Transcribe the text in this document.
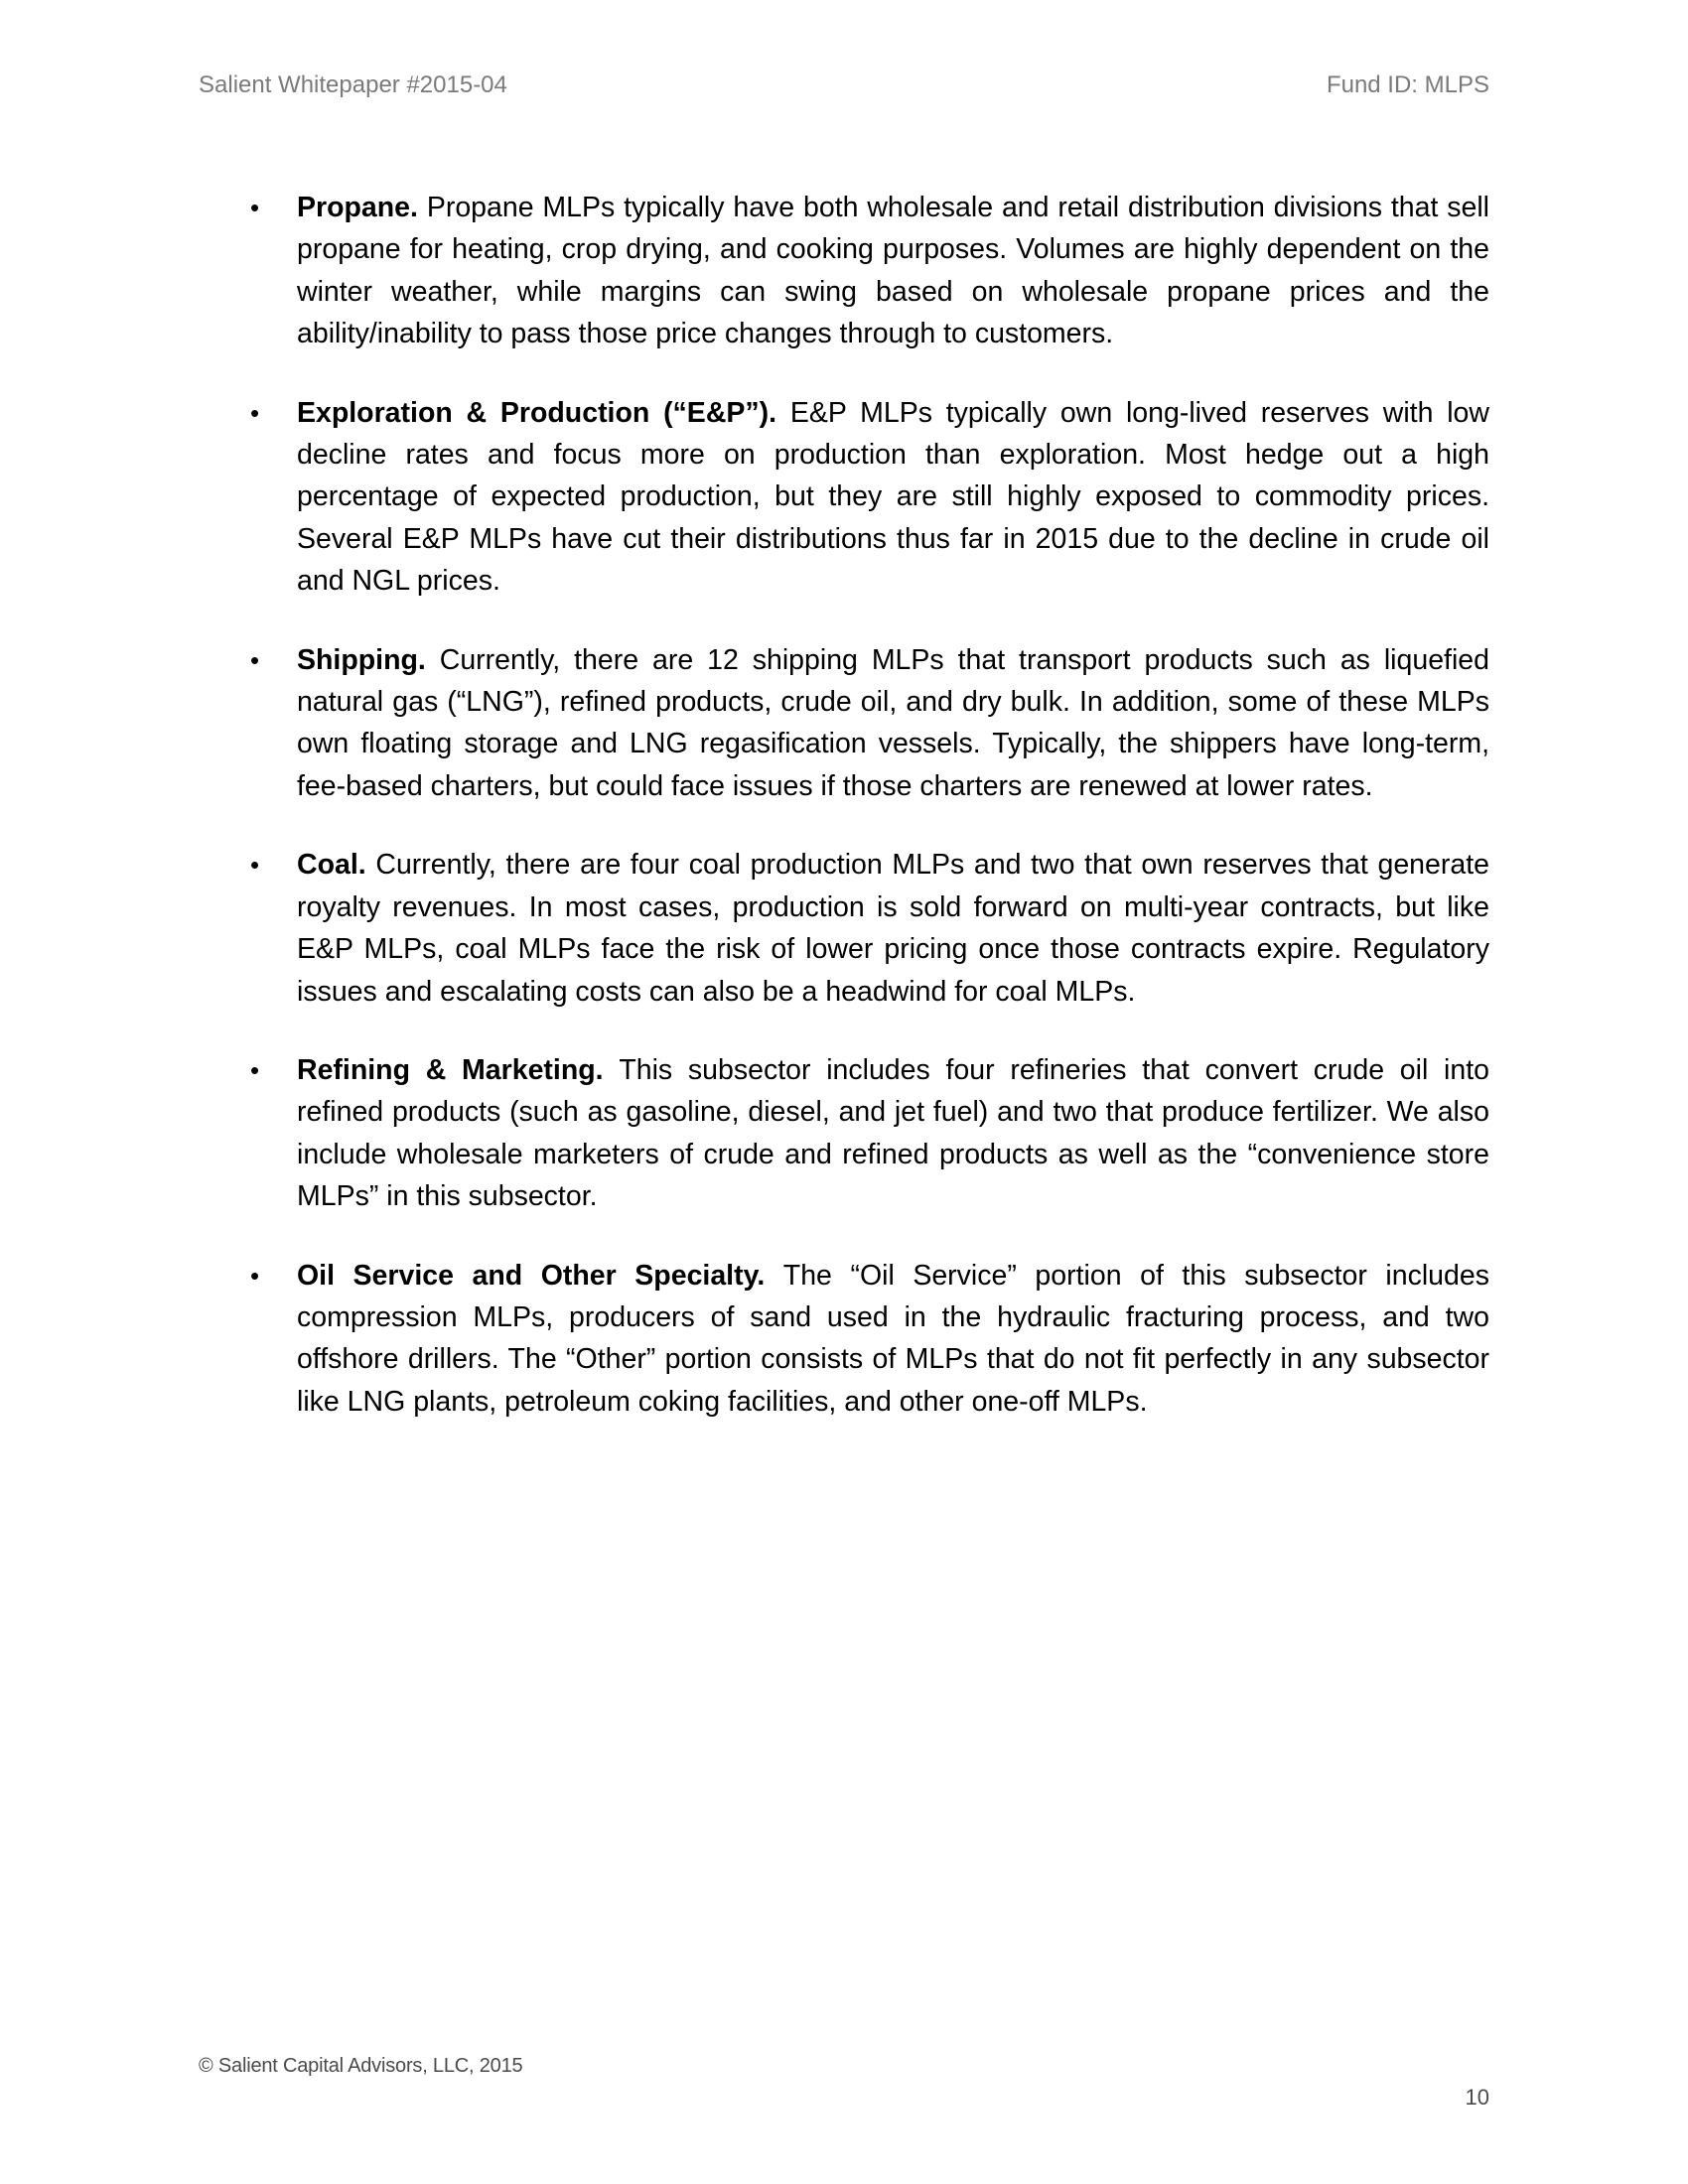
Salient Whitepaper #2015-04	Fund ID: MLPS
•	Propane. Propane MLPs typically have both wholesale and retail distribution divisions that sell propane for heating, crop drying, and cooking purposes. Volumes are highly dependent on the winter weather, while margins can swing based on wholesale propane prices and the ability/inability to pass those price changes through to customers.
•	Exploration & Production (“E&P”). E&P MLPs typically own long-lived reserves with low decline rates and focus more on production than exploration. Most hedge out a high percentage of expected production, but they are still highly exposed to commodity prices. Several E&P MLPs have cut their distributions thus far in 2015 due to the decline in crude oil and NGL prices.
•	Shipping. Currently, there are 12 shipping MLPs that transport products such as liquefied natural gas (“LNG”), refined products, crude oil, and dry bulk. In addition, some of these MLPs own floating storage and LNG regasification vessels. Typically, the shippers have long-term, fee-based charters, but could face issues if those charters are renewed at lower rates.
•	Coal. Currently, there are four coal production MLPs and two that own reserves that generate royalty revenues. In most cases, production is sold forward on multi-year contracts, but like E&P MLPs, coal MLPs face the risk of lower pricing once those contracts expire. Regulatory issues and escalating costs can also be a headwind for coal MLPs.
•	Refining & Marketing. This subsector includes four refineries that convert crude oil into refined products (such as gasoline, diesel, and jet fuel) and two that produce fertilizer. We also include wholesale marketers of crude and refined products as well as the “convenience store MLPs” in this subsector.
•	Oil Service and Other Specialty. The “Oil Service” portion of this subsector includes compression MLPs, producers of sand used in the hydraulic fracturing process, and two offshore drillers. The “Other” portion consists of MLPs that do not fit perfectly in any subsector like LNG plants, petroleum coking facilities, and other one-off MLPs.
© Salient Capital Advisors, LLC, 2015
10
